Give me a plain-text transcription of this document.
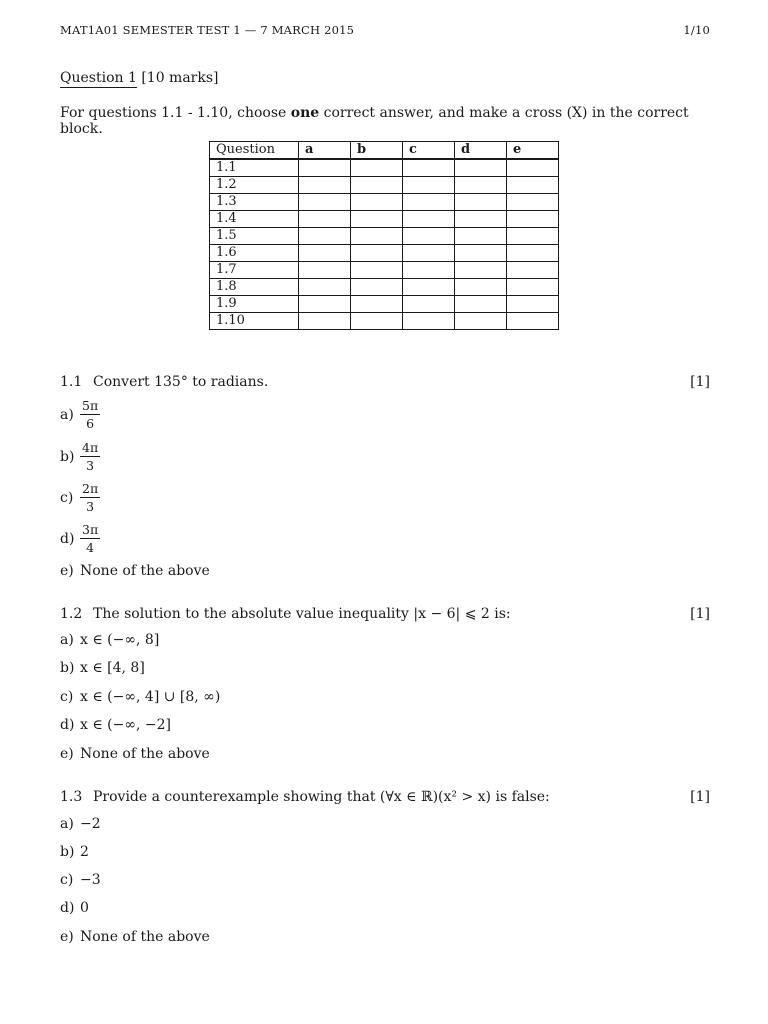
MAT1A01 SEMESTER TEST 1 — 7 MARCH 2015	1/10
Question 1 [10 marks]
For questions 1.1 - 1.10, choose one correct answer, and make a cross (X) in the correct block.
Question	a	b	c	d	e
1.1					
1.2					
1.3					
1.4					
1.5					
1.6					
1.7					
1.8					
1.9					
1.10					
1.1 Convert 135° to radians.	[1]
$a) \frac{5\pi}{6}$
$b) \frac{4\pi}{3}$
$c) \frac{2\pi}{3}$
$d) \frac{3\pi}{4}$
e) None of the above
1.2 The solution to the absolute value inequality |x − 6| ⩽ 2 is:	[1]
a) x ∈ (−∞, 8]
b) x ∈ [4, 8]
c) x ∈ (−∞, 4] ∪ [8, ∞)
d) x ∈ (−∞, −2]
e) None of the above
1.3 Provide a counterexample showing that (∀x ∈ ℝ)(x² > x) is false:	[1]
a) −2
b) 2
c) −3
d) 0
e) None of the above
